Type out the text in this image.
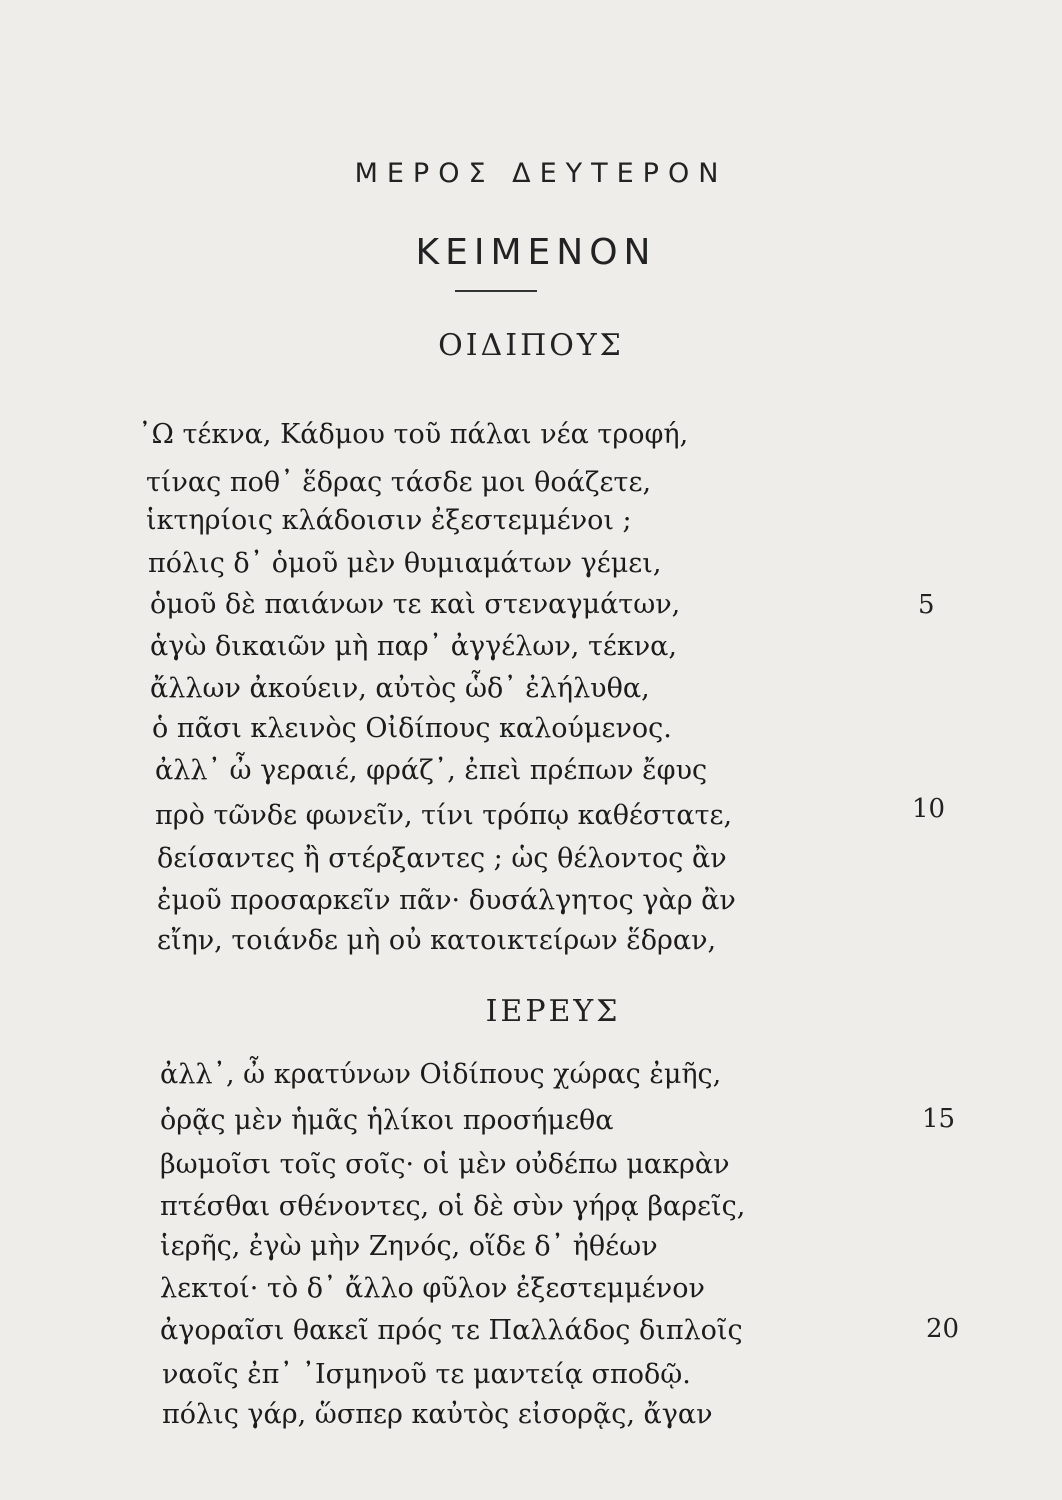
ΜΕΡΟΣ ΔΕΥΤΕΡΟΝ
ΚΕΙΜΕΝΟΝ
ΟΙΔΙΠΟΥΣ
᾿Ω τέκνα, Κάδμου τοῦ πάλαι νέα τροφή,
τίνας ποθ᾽ ἕδρας τάσδε μοι θοάζετε,
ἱκτηρίοις κλάδοισιν ἐξεστεμμένοι ;
πόλις δ᾽ ὁμοῦ μὲν θυμιαμάτων γέμει,
ὁμοῦ δὲ παιάνων τε καὶ στεναγμάτων,
ἁγὼ δικαιῶν μὴ παρ᾽ ἀγγέλων, τέκνα,
ἄλλων ἀκούειν, αὐτὸς ὧδ᾽ ἐλήλυθα,
ὁ πᾶσι κλεινὸς Οἰδίπους καλούμενος.
ἀλλ᾽ ὦ γεραιέ, φράζ᾽, ἐπεὶ πρέπων ἔφυς
πρὸ τῶνδε φωνεῖν, τίνι τρόπῳ καθέστατε,
δείσαντες ἢ στέρξαντες ; ὡς θέλοντος ἂν
ἐμοῦ προσαρκεῖν πᾶν· δυσάλγητος γὰρ ἂν
εἴην, τοιάνδε μὴ οὐ κατοικτείρων ἕδραν,
ΙΕΡΕΥΣ
ἀλλ᾽, ὦ κρατύνων Οἰδίπους χώρας ἐμῆς,
ὁρᾷς μὲν ἡμᾶς ἡλίκοι προσήμεθα
βωμοῖσι τοῖς σοῖς· οἱ μὲν οὐδέπω μακρὰν
πτέσθαι σθένοντες, οἱ δὲ σὺν γήρᾳ βαρεῖς,
ἱερῆς, ἐγὼ μὴν Ζηνός, οἵδε δ᾽ ἠθέων
λεκτοί· τὸ δ᾽ ἄλλο φῦλον ἐξεστεμμένον
ἀγοραῖσι θακεῖ πρός τε Παλλάδος διπλοῖς
ναοῖς ἐπ᾽ ᾿Ισμηνοῦ τε μαντείᾳ σποδῷ.
πόλις γάρ, ὥσπερ καὐτὸς εἰσορᾷς, ἄγαν
5
10
15
20
